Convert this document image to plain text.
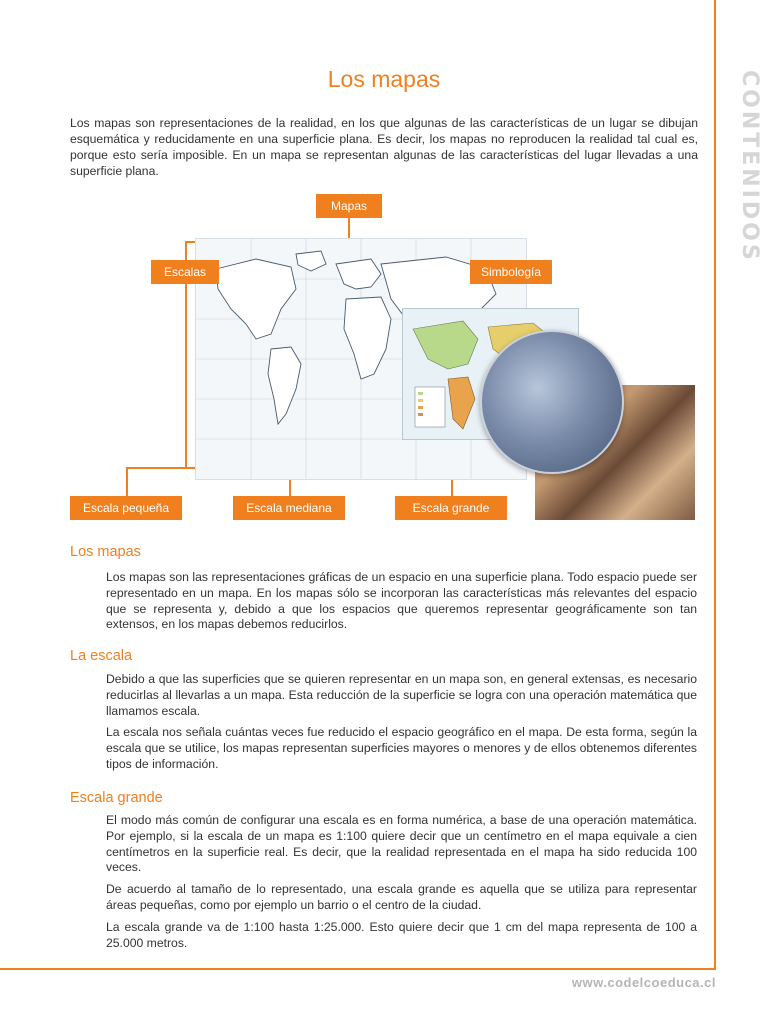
CONTENIDOS
Los mapas

Los mapas son representaciones de la realidad, en los que algunas de las características de un lugar se dibujan esquemática y reducidamente en una superficie plana. Es decir, los mapas no reproducen la realidad tal cual es, porque esto sería imposible. En un mapa se representan algunas de las características del lugar llevadas a una superficie plana.

Mapas
Escalas	Simbología
Escala pequeña	Escala mediana	Escala grande
Los mapas

Los mapas son las representaciones gráficas de un espacio en una superficie plana. Todo espacio puede ser representado en un mapa. En los mapas sólo se incorporan las características más relevantes del espacio que se representa y, debido a que los espacios que queremos representar geográficamente son tan extensos, en los mapas debemos reducirlos.

La escala

Debido a que las superficies que se quieren representar en un mapa son, en general extensas, es necesario reducirlas al llevarlas a un mapa. Esta reducción de la superficie se logra con una operación matemática que llamamos escala.

La escala nos señala cuántas veces fue reducido el espacio geográfico en el mapa. De esta forma, según la escala que se utilice, los mapas representan superficies mayores o menores y de ellos obtenemos diferentes tipos de información.

Escala grande

El modo más común de configurar una escala es en forma numérica, a base de una operación matemática. Por ejemplo, si la escala de un mapa es 1:100 quiere decir que un centímetro en el mapa equivale a cien centímetros en la superficie real. Es decir, que la realidad representada en el mapa ha sido reducida 100 veces.

De acuerdo al tamaño de lo representado, una escala grande es aquella que se utiliza para representar áreas pequeñas, como por ejemplo un barrio o el centro de la ciudad.

La escala grande va de 1:100 hasta 1:25.000. Esto quiere decir que 1 cm del mapa representa de 100 a 25.000 metros.

www.codelcoeduca.cl
